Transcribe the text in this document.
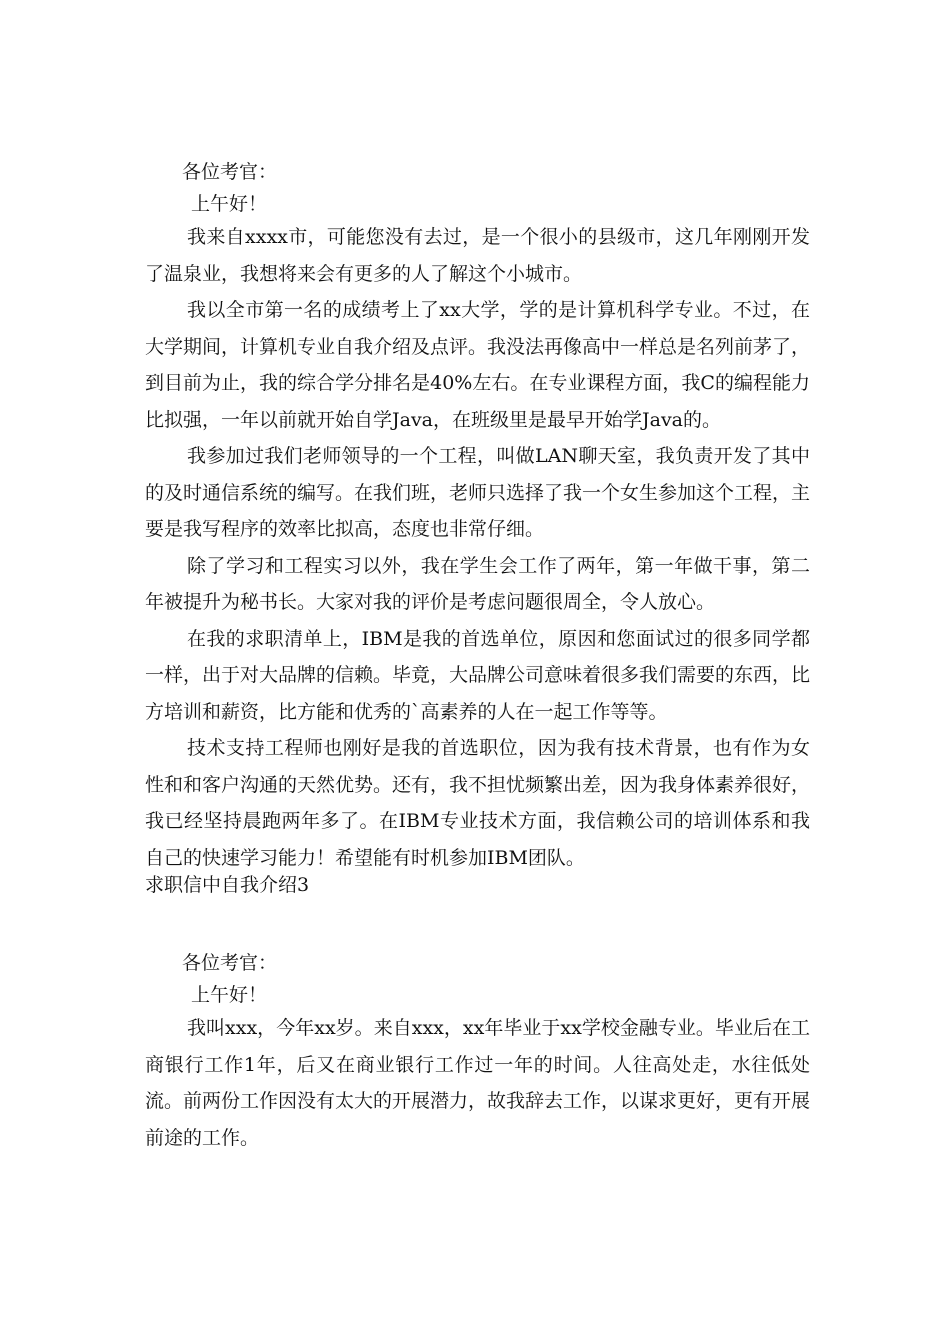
各位考官：
上午好！

我来自xxxx市，可能您没有去过，是一个很小的县级市，这几年刚刚开发了温泉业，我想将来会有更多的人了解这个小城市。

我以全市第一名的成绩考上了xx大学，学的是计算机科学专业。不过，在大学期间，计算机专业自我介绍及点评。我没法再像高中一样总是名列前茅了，到目前为止，我的综合学分排名是40%左右。在专业课程方面，我C的编程能力比拟强，一年以前就开始自学Java，在班级里是最早开始学Java的。

我参加过我们老师领导的一个工程，叫做LAN聊天室，我负责开发了其中的及时通信系统的编写。在我们班，老师只选择了我一个女生参加这个工程，主要是我写程序的效率比拟高，态度也非常仔细。

除了学习和工程实习以外，我在学生会工作了两年，第一年做干事，第二年被提升为秘书长。大家对我的评价是考虑问题很周全，令人放心。

在我的求职清单上，IBM是我的首选单位，原因和您面试过的很多同学都一样，出于对大品牌的信赖。毕竟，大品牌公司意味着很多我们需要的东西，比方培训和薪资，比方能和优秀的`高素养的人在一起工作等等。

技术支持工程师也刚好是我的首选职位，因为我有技术背景，也有作为女性和和客户沟通的天然优势。还有，我不担忧频繁出差，因为我身体素养很好，我已经坚持晨跑两年多了。在IBM专业技术方面，我信赖公司的培训体系和我自己的快速学习能力！希望能有时机参加IBM团队。

求职信中自我介绍3
各位考官：
上午好！

我叫xxx，今年xx岁。来自xxx，xx年毕业于xx学校金融专业。毕业后在工商银行工作1年，后又在商业银行工作过一年的时间。人往高处走，水往低处流。前两份工作因没有太大的开展潜力，故我辞去工作，以谋求更好，更有开展前途的工作。
